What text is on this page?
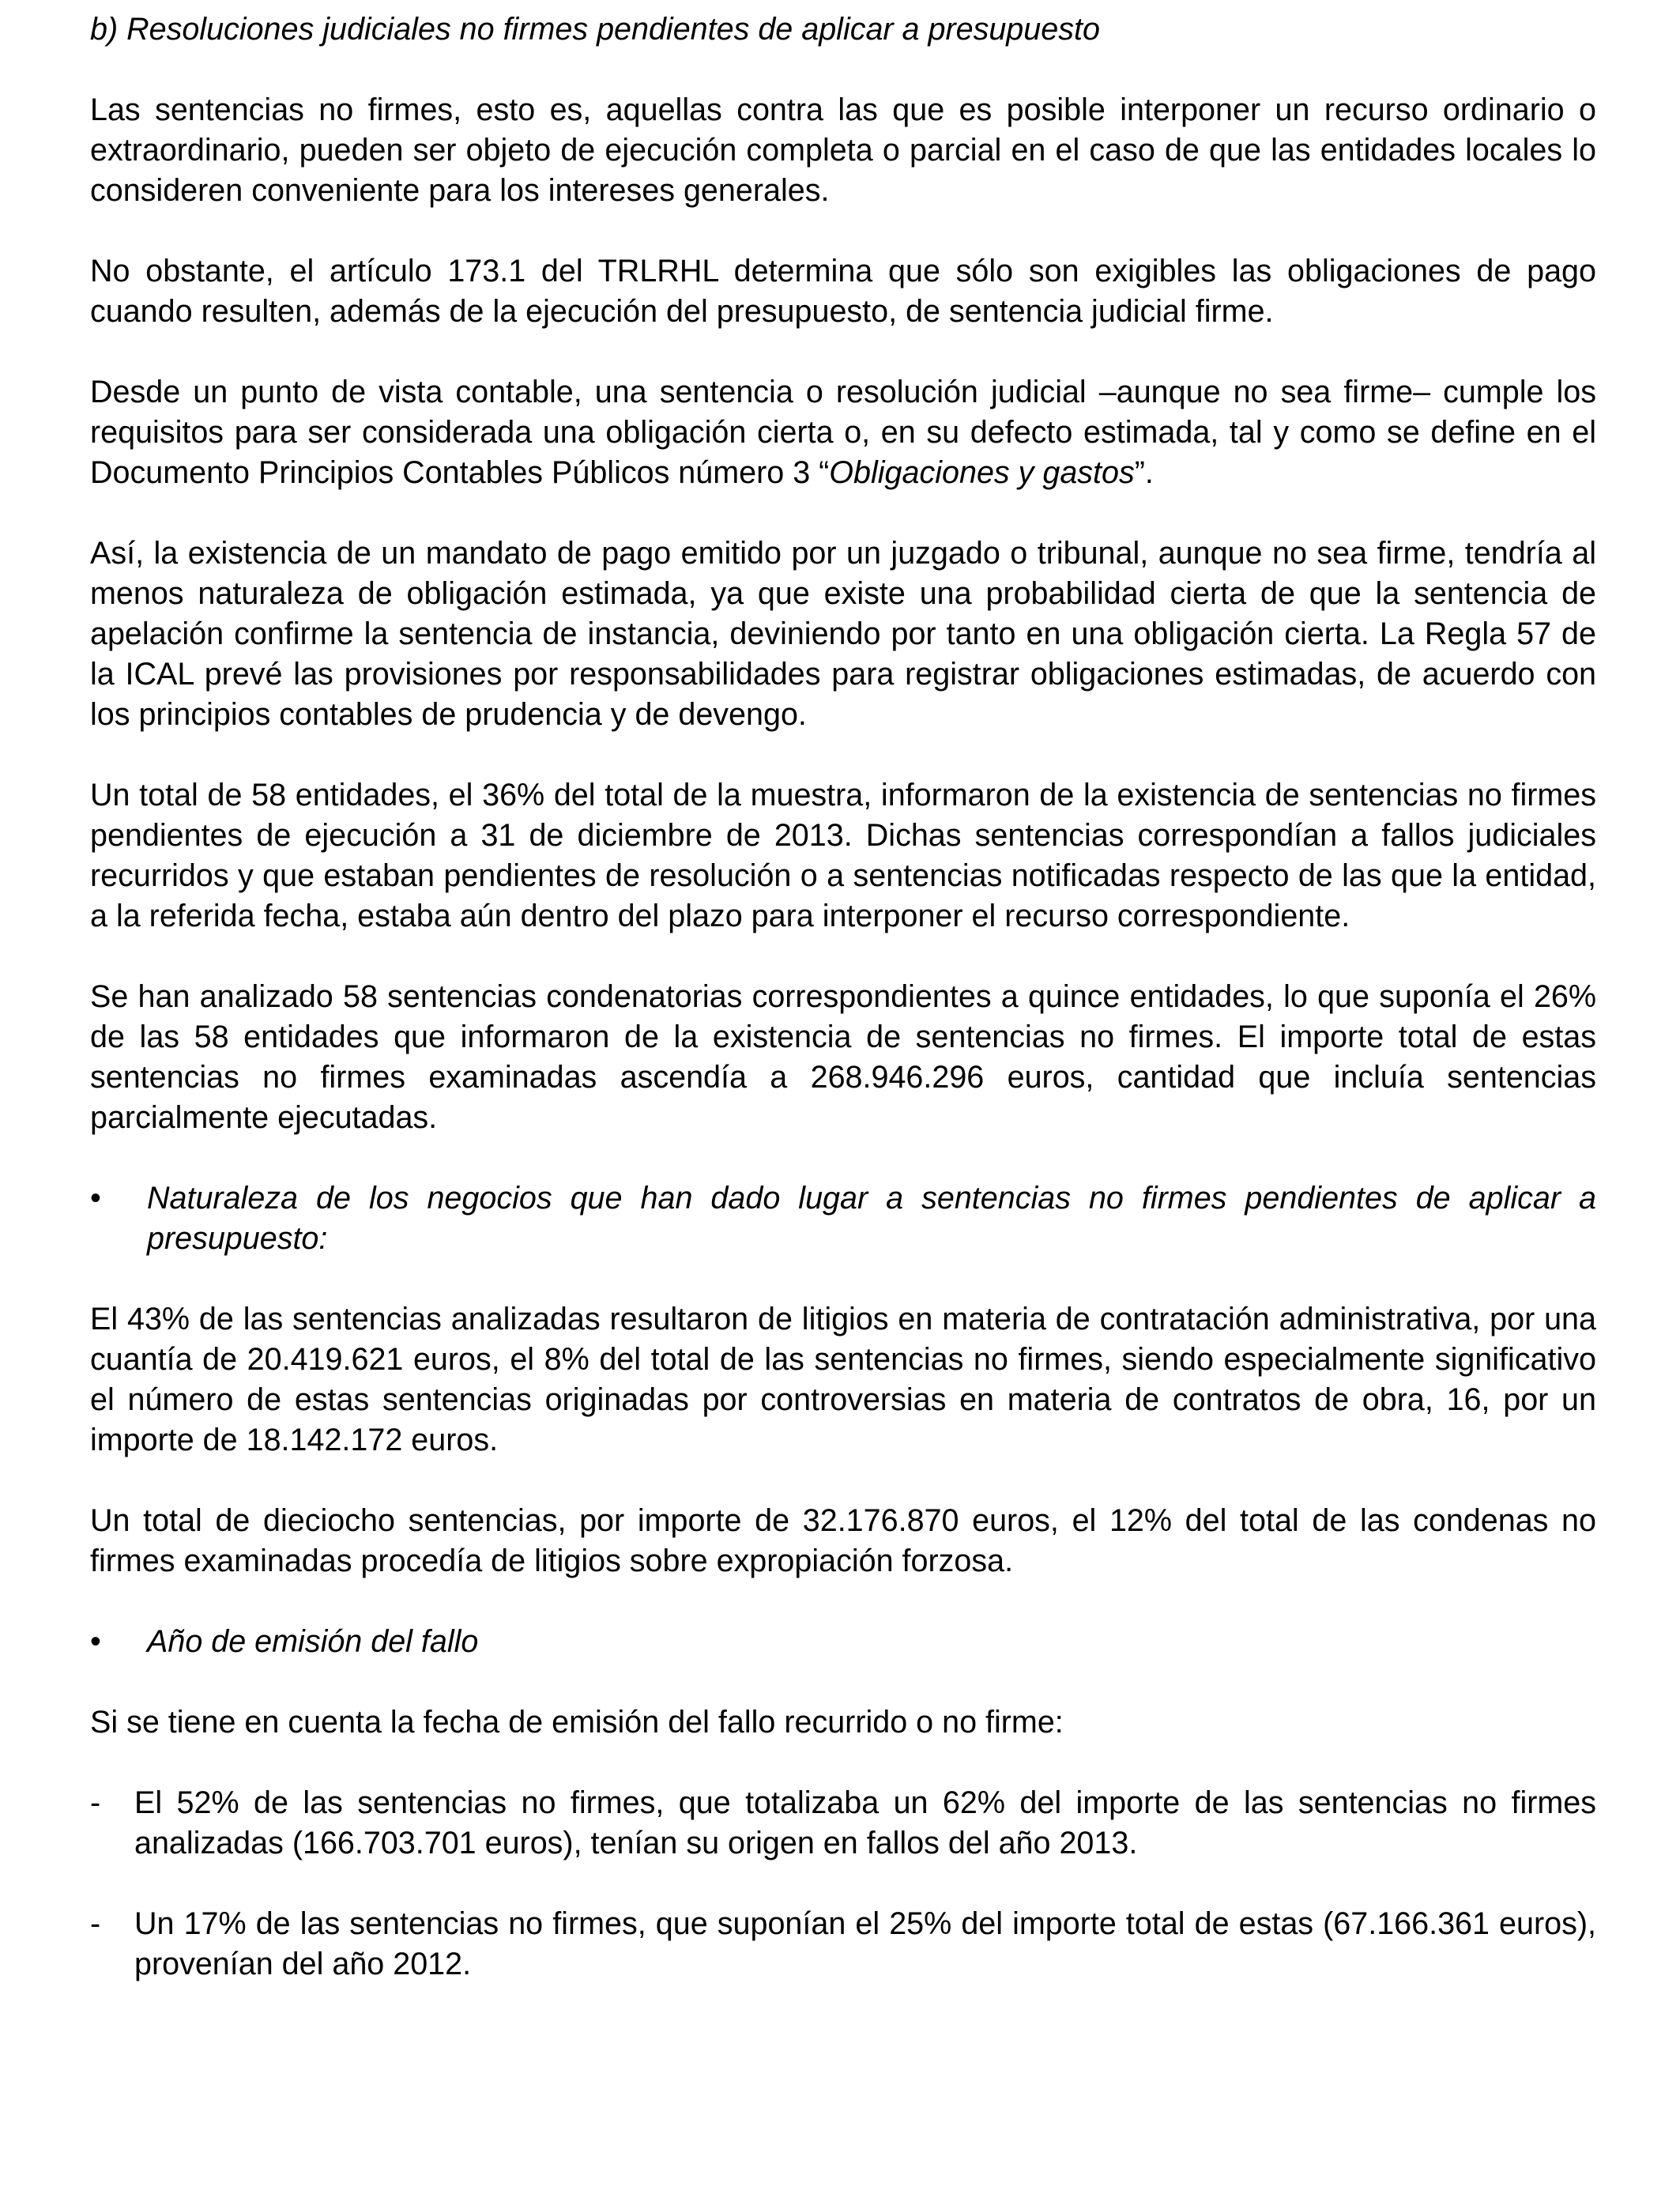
b) Resoluciones judiciales no firmes pendientes de aplicar a presupuesto

Las sentencias no firmes, esto es, aquellas contra las que es posible interponer un recurso ordinario o extraordinario, pueden ser objeto de ejecución completa o parcial en el caso de que las entidades locales lo consideren conveniente para los intereses generales.

No obstante, el artículo 173.1 del TRLRHL determina que sólo son exigibles las obligaciones de pago cuando resulten, además de la ejecución del presupuesto, de sentencia judicial firme.

Desde un punto de vista contable, una sentencia o resolución judicial –aunque no sea firme– cumple los requisitos para ser considerada una obligación cierta o, en su defecto estimada, tal y como se define en el Documento Principios Contables Públicos número 3 “Obligaciones y gastos”.

Así, la existencia de un mandato de pago emitido por un juzgado o tribunal, aunque no sea firme, tendría al menos naturaleza de obligación estimada, ya que existe una probabilidad cierta de que la sentencia de apelación confirme la sentencia de instancia, deviniendo por tanto en una obligación cierta. La Regla 57 de la ICAL prevé las provisiones por responsabilidades para registrar obligaciones estimadas, de acuerdo con los principios contables de prudencia y de devengo.

Un total de 58 entidades, el 36% del total de la muestra, informaron de la existencia de sentencias no firmes pendientes de ejecución a 31 de diciembre de 2013. Dichas sentencias correspondían a fallos judiciales recurridos y que estaban pendientes de resolución o a sentencias notificadas respecto de las que la entidad, a la referida fecha, estaba aún dentro del plazo para interponer el recurso correspondiente.

Se han analizado 58 sentencias condenatorias correspondientes a quince entidades, lo que suponía el 26% de las 58 entidades que informaron de la existencia de sentencias no firmes. El importe total de estas sentencias no firmes examinadas ascendía a 268.946.296 euros, cantidad que incluía sentencias parcialmente ejecutadas.

• Naturaleza de los negocios que han dado lugar a sentencias no firmes pendientes de aplicar a presupuesto:

El 43% de las sentencias analizadas resultaron de litigios en materia de contratación administrativa, por una cuantía de 20.419.621 euros, el 8% del total de las sentencias no firmes, siendo especialmente significativo el número de estas sentencias originadas por controversias en materia de contratos de obra, 16, por un importe de 18.142.172 euros.

Un total de dieciocho sentencias, por importe de 32.176.870 euros, el 12% del total de las condenas no firmes examinadas procedía de litigios sobre expropiación forzosa.

• Año de emisión del fallo

Si se tiene en cuenta la fecha de emisión del fallo recurrido o no firme:

- El 52% de las sentencias no firmes, que totalizaba un 62% del importe de las sentencias no firmes analizadas (166.703.701 euros), tenían su origen en fallos del año 2013.
- Un 17% de las sentencias no firmes, que suponían el 25% del importe total de estas (67.166.361 euros), provenían del año 2012.
